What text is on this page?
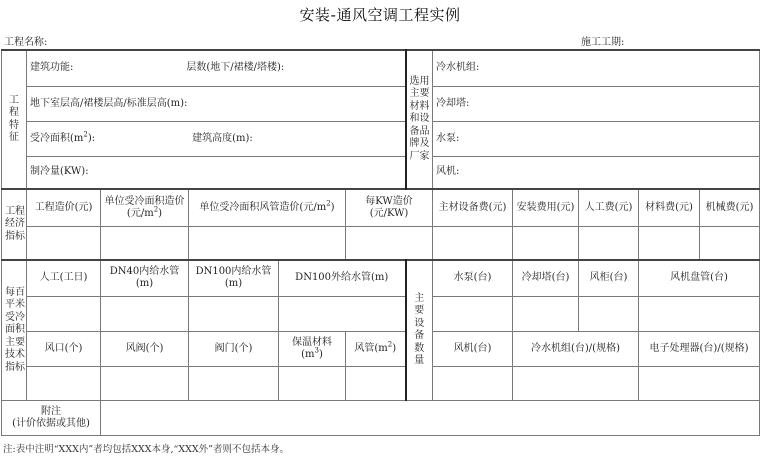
安装-通风空调工程实例
工程名称:	施工工期:
工程特征	建筑功能: 层数(地下/裙楼/塔楼):					选用主要材料和设备品牌及厂家	冷水机组:				
	地下室层高/裙楼层高/标准层高(m):						冷却塔:				
	受冷面积$(m^2)$: 建筑高度(m):						水泵:				
	制冷量(KW):						风机:				
工程经济指标	工程造价(元)	单位受冷面积造价(元$/m^2$)	单位受冷面积风管造价(元$/m^2$)		每KW造价(元/KW)		主材设备费(元)	安装费用(元)	人工费(元)	材料费(元)	机械费(元)

每百平米受冷面积主要技术指标	人工(工日)	DN40内给水管(m)	DN100内给水管(m)	DN100外给水管(m)		主要设备数量	水泵(台)	冷却塔(台)	风柜(台)	风机盘管(台)	

	风口(个)	风阀(个)	阀门(个)	保温材料$(m^3)$	风管$(m^2)$		风机(台)	冷水机组(台)/(规格)		电子处理器(台)/(规格)	

附注
(计价依据或其他)											

注:表中注明“XXX内”者均包括XXX本身,“XXX外”者则不包括本身。
